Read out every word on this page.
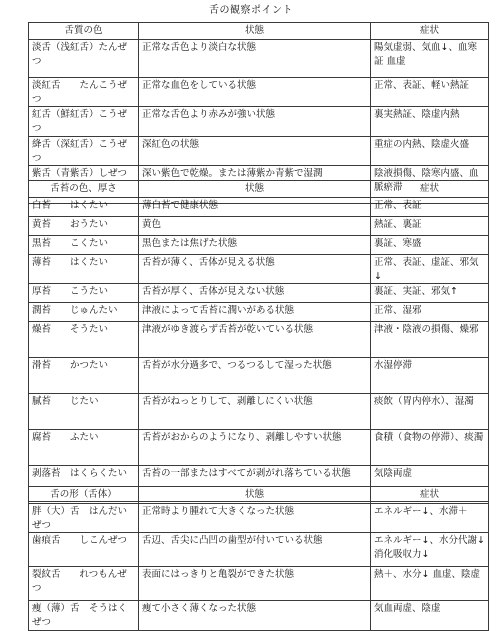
舌の観察ポイント
舌質の色	状態	症状
淡舌（浅紅舌）たんぜつ	正常な舌色より淡白な状態	陽気虚弱、気血↓、血寒証 血虚
淡紅舌　　たんこうぜつ	正常な血色をしている状態	正常、表証、軽い熱証
紅舌（鮮紅舌）こうぜつ	正常な舌色より赤みが強い状態	裏実熱証、陰虚内熱
絳舌（深紅舌）こうぜつ	深紅色の状態	重症の内熱、陰虚火盛
紫舌（青紫舌）しぜつ	深い紫色で乾燥。または薄紫か青紫で湿潤	陰液損傷、陰寒内盛、血脈瘀滞
舌苔の色、厚さ	状態	症状
白苔　　はくたい	薄白苔で健康状態	正常、表証
黄苔　　おうたい	黄色	熱証、裏証
黒苔　　こくたい	黒色または焦げた状態	裏証、寒盛
薄苔　　はくたい	舌苔が薄く、舌体が見える状態	正常、表証、虚証、邪気↓
厚苔　　こうたい	舌苔が厚く、舌体が見えない状態	裏証、実証、邪気↑
潤苔　　じゅんたい	津液によって舌苔に潤いがある状態	正常、湿邪
燥苔　　そうたい	津液がゆき渡らず舌苔が乾いている状態	津液・陰液の損傷、燥邪
滑苔　　かつたい	舌苔が水分過多で、つるつるして湿った状態	水湿停滞
膩苔　　じたい	舌苔がねっとりして、剥離しにくい状態	痰飲（胃内停水）、湿濁
腐苔　　ふたい	舌苔がおからのようになり、剥離しやすい状態	食積（食物の停滞）、痰濁
剥落苔　はくらくたい	舌苔の一部またはすべてが剥がれ落ちている状態	気陰両虚
舌の形（舌体）	状態	症状
胖（大）舌　はんだいぜつ	正常時より腫れて大きくなった状態	エネルギー↓、水滞＋
歯痕舌　　しこんぜつ	舌辺、舌尖に凸凹の歯型が付いている状態	エネルギー↓、水分代謝↓ 消化吸収力↓
裂紋舌　　れつもんぜつ	表面にはっきりと亀裂ができた状態	熱＋、水分↓ 血虚、陰虚
痩（薄）舌　そうはくぜつ	痩て小さく薄くなった状態	気血両虚、陰虚
